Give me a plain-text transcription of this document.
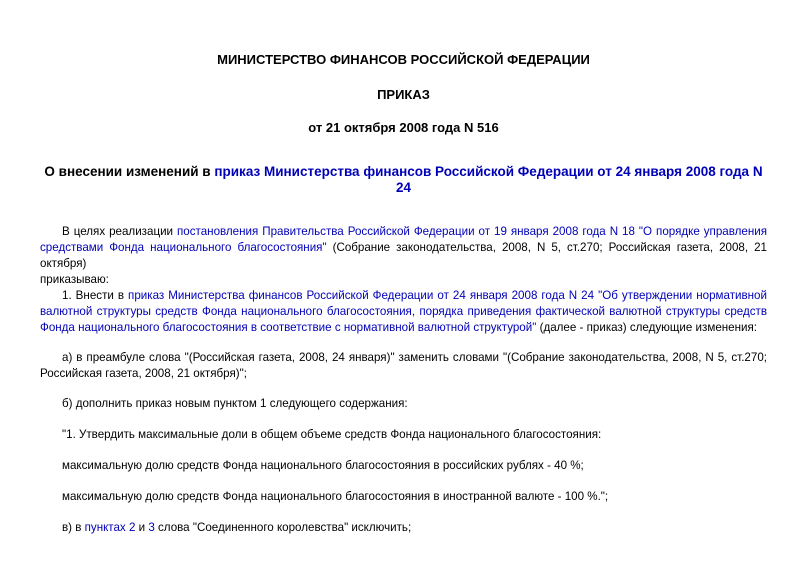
МИНИСТЕРСТВО ФИНАНСОВ РОССИЙСКОЙ ФЕДЕРАЦИИ
ПРИКАЗ
от 21 октября 2008 года N 516
О внесении изменений в приказ Министерства финансов Российской Федерации от 24 января 2008 года N 24
В целях реализации постановления Правительства Российской Федерации от 19 января 2008 года N 18 "О порядке управления средствами Фонда национального благосостояния" (Собрание законодательства, 2008, N 5, ст.270; Российская газета, 2008, 21 октября)
приказываю:
1. Внести в приказ Министерства финансов Российской Федерации от 24 января 2008 года N 24 "Об утверждении нормативной валютной структуры средств Фонда национального благосостояния, порядка приведения фактической валютной структуры средств Фонда национального благосостояния в соответствие с нормативной валютной структурой" (далее - приказ) следующие изменения:
а) в преамбуле слова "(Российская газета, 2008, 24 января)" заменить словами "(Собрание законодательства, 2008, N 5, ст.270; Российская газета, 2008, 21 октября)";
б) дополнить приказ новым пунктом 1 следующего содержания:
"1. Утвердить максимальные доли в общем объеме средств Фонда национального благосостояния:
максимальную долю средств Фонда национального благосостояния в российских рублях - 40 %;
максимальную долю средств Фонда национального благосостояния в иностранной валюте - 100 %.";
в) в пунктах 2 и 3 слова "Соединенного королевства" исключить;
